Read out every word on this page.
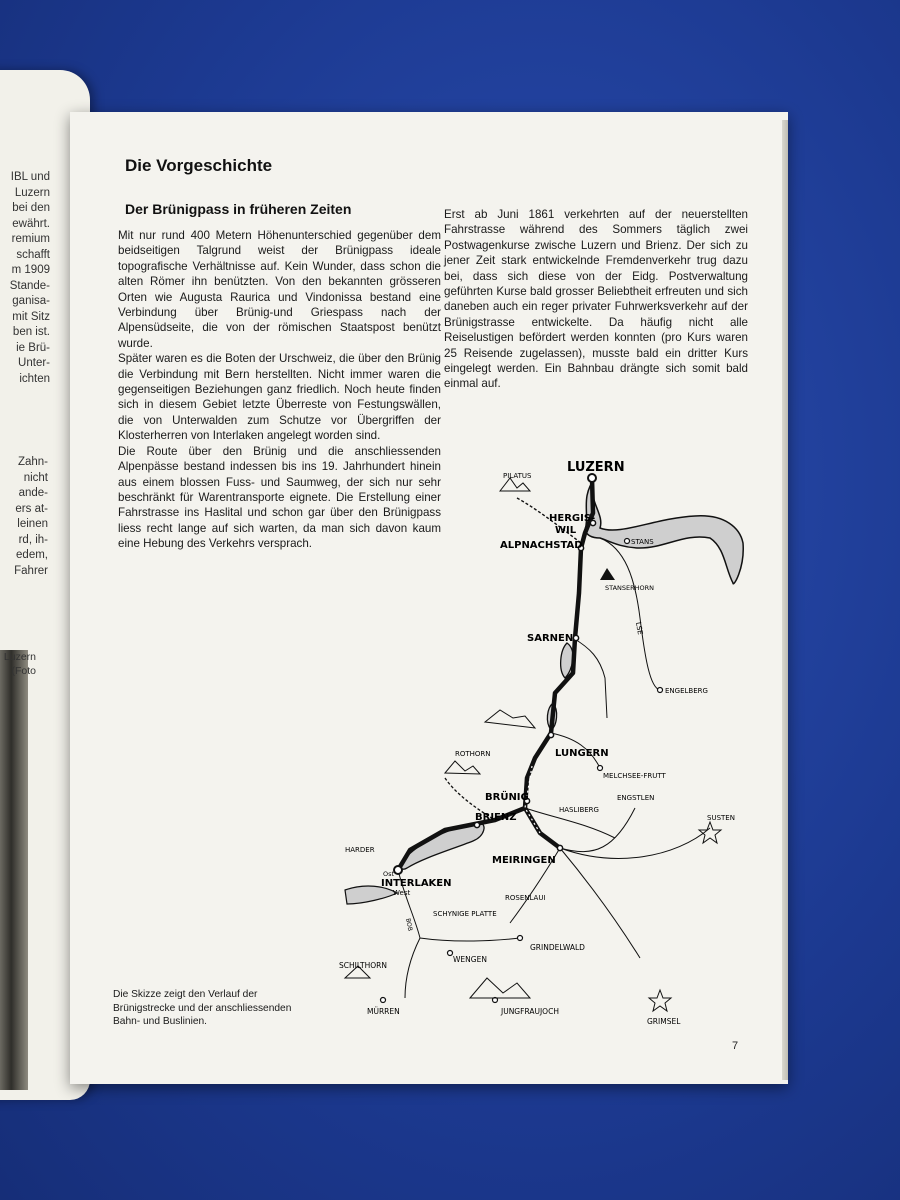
IBL und
Luzern
bei den
ewährt.
remium
schafft
m 1909
Stande-
ganisa-
mit Sitz
ben ist.
ie Brü-
Unter-
ichten
Zahn-
nicht
ande-
ers at-
leinen
rd, ih-
edem,
Fahrer
Luzern
(Foto
Die Vorgeschichte
Der Brünigpass in früheren Zeiten

Mit nur rund 400 Metern Höhenunterschied gegenüber dem beidseitigen Talgrund weist der Brünigpass ideale topografische Verhältnisse auf. Kein Wunder, dass schon die alten Römer ihn benützten. Von den bekannten grösseren Orten wie Augusta Raurica und Vindonissa bestand eine Verbindung über Brünig-und Griespass nach der Alpensüdseite, die von der römischen Staatspost benützt wurde.

Später waren es die Boten der Urschweiz, die über den Brünig die Verbindung mit Bern herstellten. Nicht immer waren die gegenseitigen Beziehungen ganz friedlich. Noch heute finden sich in diesem Gebiet letzte Überreste von Festungswällen, die von Unterwalden zum Schutze vor Übergriffen der Klosterherren von Interlaken angelegt worden sind.

Die Route über den Brünig und die anschliessenden Alpenpässe bestand indessen bis ins 19. Jahrhundert hinein aus einem blossen Fuss- und Saumweg, der sich nur sehr beschränkt für Warentransporte eignete. Die Erstellung einer Fahrstrasse ins Haslital und schon gar über den Brünigpass liess recht lange auf sich warten, da man sich davon kaum eine Hebung des Verkehrs versprach.

Erst ab Juni 1861 verkehrten auf der neuerstellten Fahrstrasse während des Sommers täglich zwei Postwagenkurse zwische Luzern und Brienz. Der sich zu jener Zeit stark entwickelnde Fremdenverkehr trug dazu bei, dass sich diese von der Eidg. Postverwaltung geführten Kurse bald grosser Beliebtheit erfreuten und sich daneben auch ein reger privater Fuhrwerksverkehr auf der Brünigstrasse entwickelte. Da häufig nicht alle Reiselustigen befördert werden konnten (pro Kurs waren 25 Reisende zugelassen), musste bald ein dritter Kurs eingelegt werden. Ein Bahnbau drängte sich somit bald einmal auf.

Die Skizze zeigt den Verlauf der Brünigstrecke und der anschliessenden Bahn- und Buslinien.
7
LUZERN
PILATUS
HERGIS-
WIL
ALPNACHSTAD	STANS
STANSERHORN
LSE
SARNEN
ENGELBERG
LUNGERN
MELCHSEE-FRUTT
ROTHORN
BRÜNIG
HASLIBERG
ENGSTLEN
SUSTEN
BRIENZ
HARDER
MEIRINGEN
Ost
INTERLAKEN
West
ROSENLAUI
SCHYNIGE PLATTE
BOB
GRINDELWALD
SCHILTHORN
WENGEN
MÜRREN	JUNGFRAUJOCH
GRIMSEL
